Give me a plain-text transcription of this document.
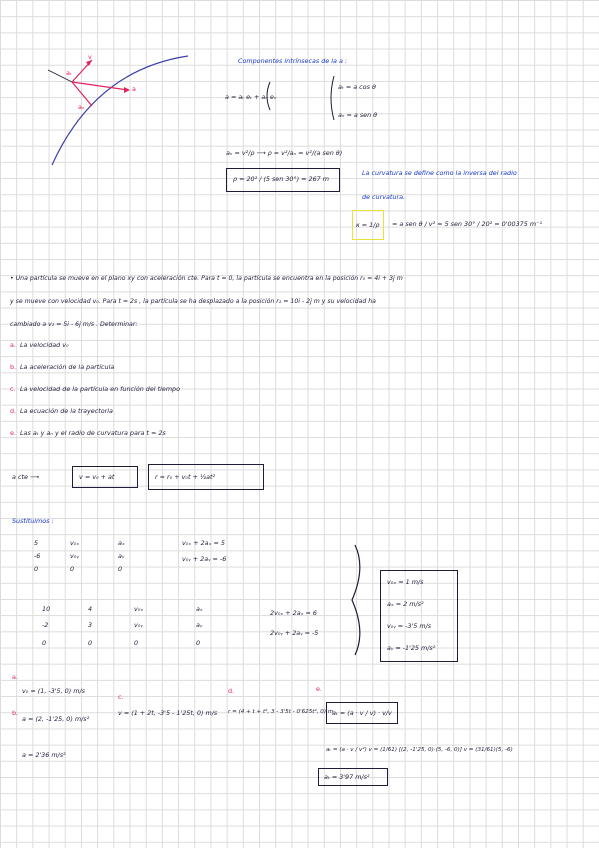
v
a
aₜ
aₙ
Componentes intrínsecas de la a :
a = aₜ eₜ + aₙ eₙ
aₜ = a cos θ
aₙ = a sen θ
aₙ = v²/ρ ⟶ ρ = v²/aₙ = v²/(a sen θ)
ρ = 20² / (5 sen 30°) = 267 m
La curvatura se define como la inversa del radio
de curvatura.
κ = 1/ρ = a sen θ / v² = 5 sen 30° / 20² = 0'00375 m⁻¹
• Una partícula se mueve en el plano xy con aceleración cte. Para t = 0, la partícula se encuentra en la posición r₀ = 4i + 3j m
y se mueve con velocidad v₀. Para t = 2s , la partícula se ha desplazado a la posición r₂ = 10i - 2j m y su velocidad ha
cambiado a v₂ = 5i - 6j m/s . Determinar:
a. La velocidad v₀
b. La aceleración de la partícula
c. La velocidad de la partícula en función del tiempo
d. La ecuación de la trayectoria
e. Las aₜ y aₙ y el radio de curvatura para t = 2s
a cte ⟶	v = v₀ + at	r = r₀ + v₀t + ½at²
Sustituimos :
5
-6
0
v₀ₓ
v₀ᵧ
0
aₓ
aᵧ
0
v₀ₓ + 2aₓ = 5
v₀ᵧ + 2aᵧ = -6
10
-2
0
4
3
0
v₀ₓ
v₀ᵧ
0
aₓ
aᵧ
0
2v₀ₓ + 2aₓ = 6
2v₀ᵧ + 2aᵧ = -5
v₀ₓ = 1 m/s
aₓ = 2 m/s²
v₀ᵧ = -3'5 m/s
aᵧ = -1'25 m/s²
a.
v₀ = (1, -3'5, 0) m/s
b.
a = (2, -1'25, 0) m/s²
a = 2'36 m/s²
c.
v = (1 + 2t, -3'5 - 1'25t, 0) m/s
d.
r = (4 + t + t², 3 - 3'5t - 0'625t², 0) m
e.
aₜ = (a · v / v) · v/v
aₜ = (a · v / v²) v = (1/61) [(2, -1'25, 0)·(5, -6, 0)] v = (31/61)(5, -6)
aₜ = 3'97 m/s²
